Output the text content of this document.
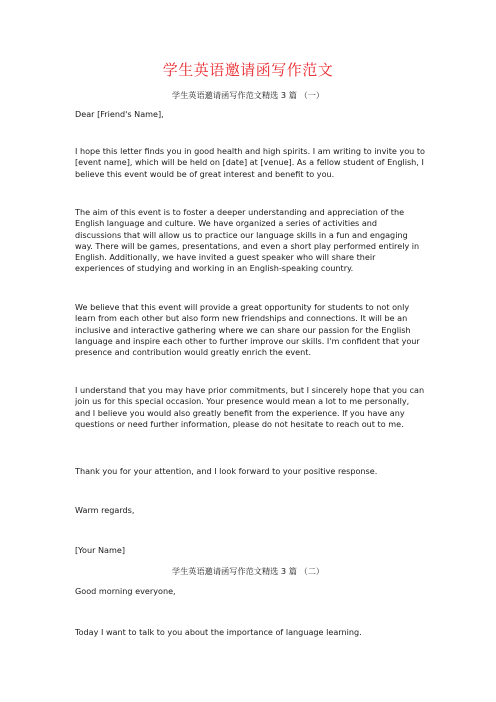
学生英语邀请函写作范文
学生英语邀请函写作范文精选 3 篇 （一）

Dear [Friend's Name],

I hope this letter finds you in good health and high spirits. I am writing to invite you to [event name], which will be held on [date] at [venue]. As a fellow student of English, I believe this event would be of great interest and benefit to you.

The aim of this event is to foster a deeper understanding and appreciation of the English language and culture. We have organized a series of activities and discussions that will allow us to practice our language skills in a fun and engaging way. There will be games, presentations, and even a short play performed entirely in English. Additionally, we have invited a guest speaker who will share their experiences of studying and working in an English-speaking country.

We believe that this event will provide a great opportunity for students to not only learn from each other but also form new friendships and connections. It will be an inclusive and interactive gathering where we can share our passion for the English language and inspire each other to further improve our skills. I'm confident that your presence and contribution would greatly enrich the event.

I understand that you may have prior commitments, but I sincerely hope that you can join us for this special occasion. Your presence would mean a lot to me personally, and I believe you would also greatly benefit from the experience. If you have any questions or need further information, please do not hesitate to reach out to me.

Thank you for your attention, and I look forward to your positive response.

Warm regards,

[Your Name]

学生英语邀请函写作范文精选 3 篇 （二）

Good morning everyone,

Today I want to talk to you about the importance of language learning.
